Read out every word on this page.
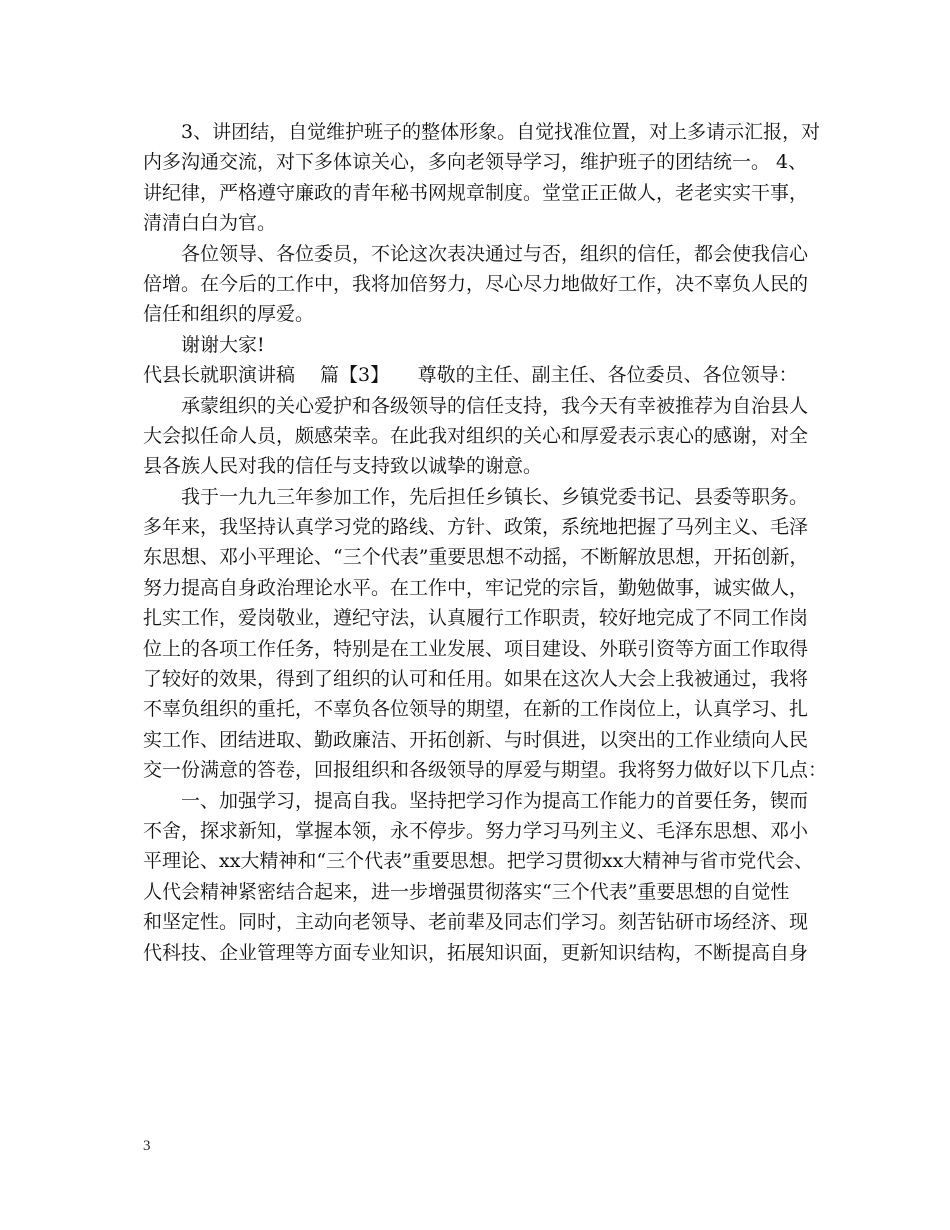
3、讲团结，自觉维护班子的整体形象。自觉找准位置，对上多请示汇报，对
内多沟通交流，对下多体谅关心，多向老领导学习，维护班子的团结统一。 4、
讲纪律，严格遵守廉政的青年秘书网规章制度。堂堂正正做人，老老实实干事，
清清白白为官。
各位领导、各位委员，不论这次表决通过与否，组织的信任，都会使我信心
倍增。在今后的工作中，我将加倍努力，尽心尽力地做好工作，决不辜负人民的
信任和组织的厚爱。
谢谢大家!
代县长就职演讲稿　 篇【3】　　尊敬的主任、副主任、各位委员、各位领导：
承蒙组织的关心爱护和各级领导的信任支持，我今天有幸被推荐为自治县人
大会拟任命人员，颇感荣幸。在此我对组织的关心和厚爱表示衷心的感谢，对全
县各族人民对我的信任与支持致以诚挚的谢意。
我于一九九三年参加工作，先后担任乡镇长、乡镇党委书记、县委等职务。
多年来，我坚持认真学习党的路线、方针、政策，系统地把握了马列主义、毛泽
东思想、邓小平理论、“三个代表”重要思想不动摇，不断解放思想，开拓创新，
努力提高自身政治理论水平。在工作中，牢记党的宗旨，勤勉做事，诚实做人，
扎实工作，爱岗敬业，遵纪守法，认真履行工作职责，较好地完成了不同工作岗
位上的各项工作任务，特别是在工业发展、项目建设、外联引资等方面工作取得
了较好的效果，得到了组织的认可和任用。如果在这次人大会上我被通过，我将
不辜负组织的重托，不辜负各位领导的期望，在新的工作岗位上，认真学习、扎
实工作、团结进取、勤政廉洁、开拓创新、与时俱进，以突出的工作业绩向人民
交一份满意的答卷，回报组织和各级领导的厚爱与期望。我将努力做好以下几点：
一、加强学习，提高自我。坚持把学习作为提高工作能力的首要任务，锲而
不舍，探求新知，掌握本领，永不停步。努力学习马列主义、毛泽东思想、邓小
平理论、xx大精神和“三个代表”重要思想。把学习贯彻xx大精神与省市党代会、
人代会精神紧密结合起来，进一步增强贯彻落实“三个代表”重要思想的自觉性
和坚定性。同时，主动向老领导、老前辈及同志们学习。刻苦钻研市场经济、现
代科技、企业管理等方面专业知识，拓展知识面，更新知识结构，不断提高自身
3
